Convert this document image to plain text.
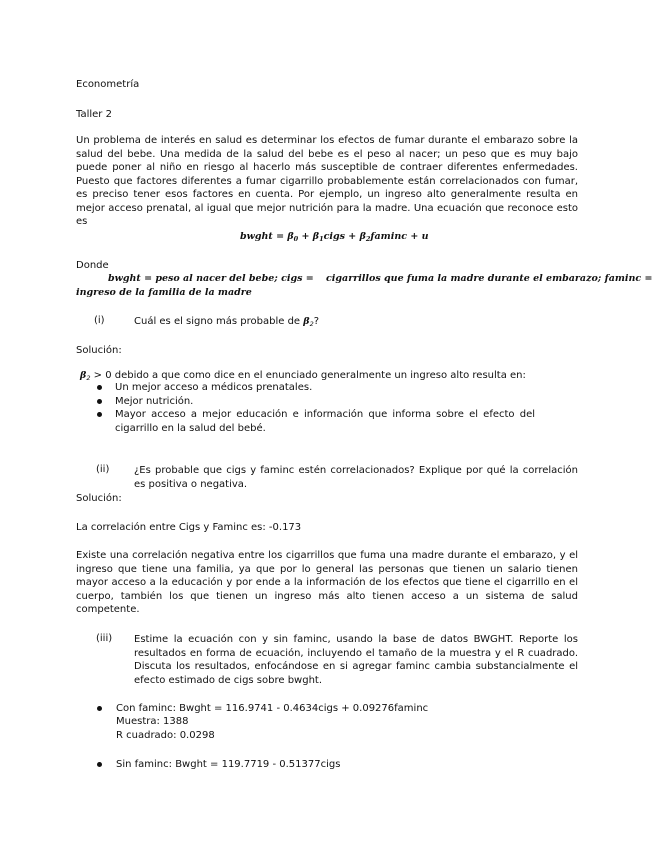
Econometría
Taller 2
Un problema de interés en salud es determinar los efectos de fumar durante el embarazo sobre la salud del bebe. Una medida de la salud del bebe es el peso al nacer; un peso que es muy bajo puede poner al niño en riesgo al hacerlo más susceptible de contraer diferentes enfermedades. Puesto que factores diferentes a fumar cigarrillo probablemente están correlacionados con fumar, es preciso tener esos factores en cuenta. Por ejemplo, un ingreso alto generalmente resulta en mejor acceso prenatal, al igual que mejor nutrición para la madre. Una ecuación que reconoce esto es
bwght = $\beta_0$ + $\beta_1cigs + \beta_2faminc + u$
Donde
bwght = peso al nacer del bebe; cigs = cigarrillos que fuma la madre durante el embarazo; faminc =
ingreso de la familia de la madre
(i)	Cuál es el signo más probable de $\beta_2$?
Solución:
$\beta_2 > 0$ debido a que como dice en el enunciado generalmente un ingreso alto resulta en:
Un mejor acceso a médicos prenatales.
Mejor nutrición.
Mayor acceso a mejor educación e información que informa sobre el efecto del cigarrillo en la salud del bebé.
(ii) ¿Es probable que cigs y faminc estén correlacionados? Explique por qué la correlación es positiva o negativa.
Solución:
La correlación entre Cigs y Faminc es: -0.173
Existe una correlación negativa entre los cigarrillos que fuma una madre durante el embarazo, y el ingreso que tiene una familia, ya que por lo general las personas que tienen un salario tienen mayor acceso a la educación y por ende a la información de los efectos que tiene el cigarrillo en el cuerpo, también los que tienen un ingreso más alto tienen acceso a un sistema de salud competente.
(iii) Estime la ecuación con y sin faminc, usando la base de datos BWGHT. Reporte los resultados en forma de ecuación, incluyendo el tamaño de la muestra y el R cuadrado. Discuta los resultados, enfocándose en si agregar faminc cambia substancialmente el efecto estimado de cigs sobre bwght.
Con faminc: Bwght = 116.9741 - 0.4634cigs + 0.09276faminc
Muestra: 1388
R cuadrado: 0.0298
Sin faminc: Bwght = 119.7719 - 0.51377cigs
